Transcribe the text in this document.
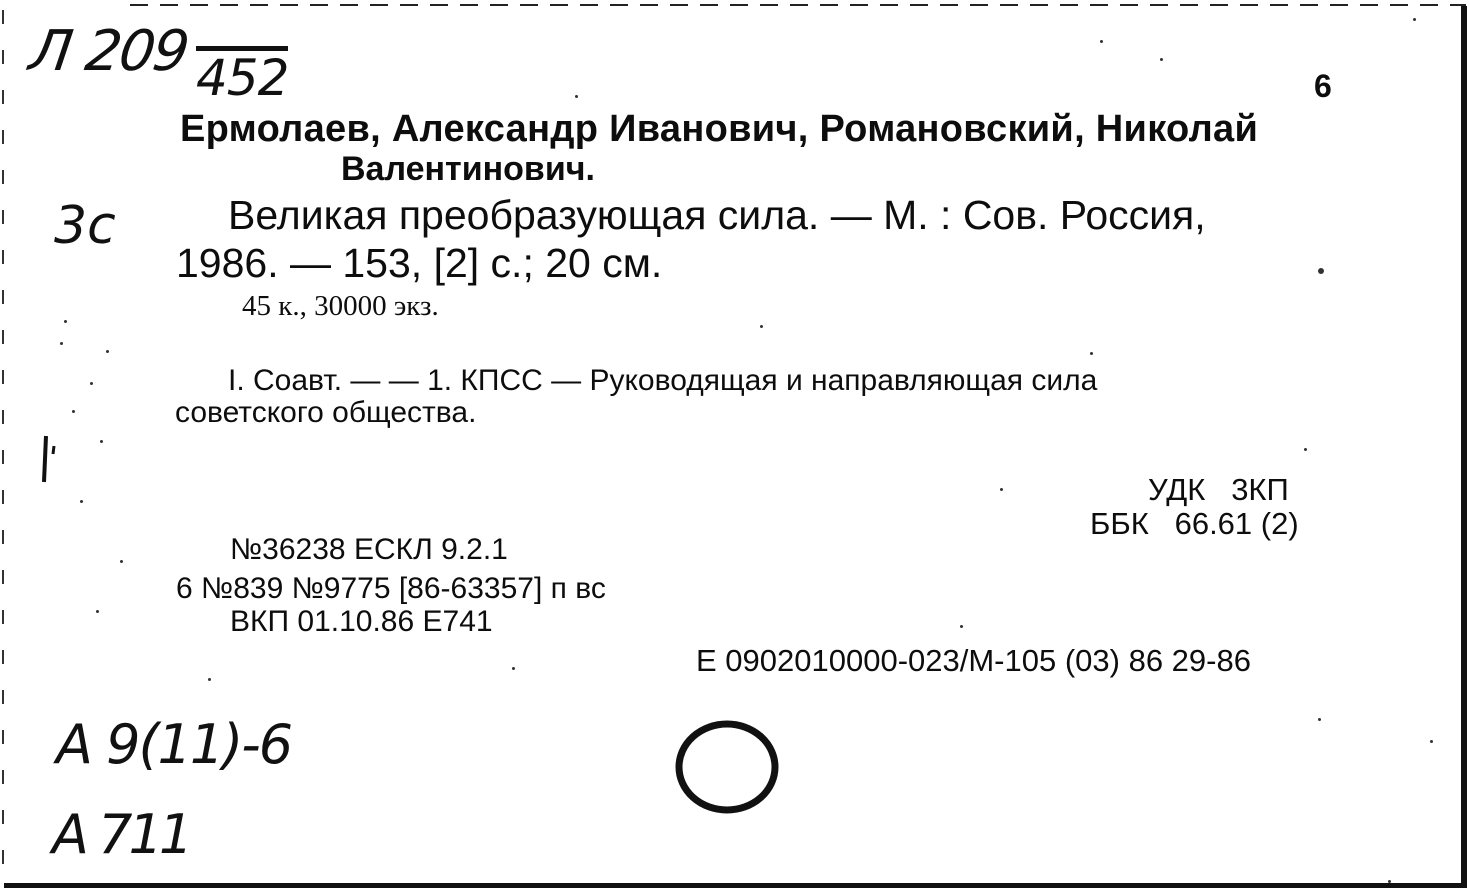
Л 209 452
3с
A 9(11)-6
A 711
6
Ермолаев, Александр Иванович, Романовский, Николай
Валентинович.
Великая преобразующая сила. — М. : Сов. Россия,
1986. — 153, [2] с.; 20 см.
45 к., 30000 экз.
I. Соавт. — — 1. КПСС — Руководящая и направляющая сила
советского общества.
УДК   3КП
ББК   66.61 (2)
№36238 ЕСКЛ 9.2.1
6 №839 №9775 [86-63357] п вс
ВКП 01.10.86 Е741
Е 0902010000-023/М-105 (03) 86 29-86
